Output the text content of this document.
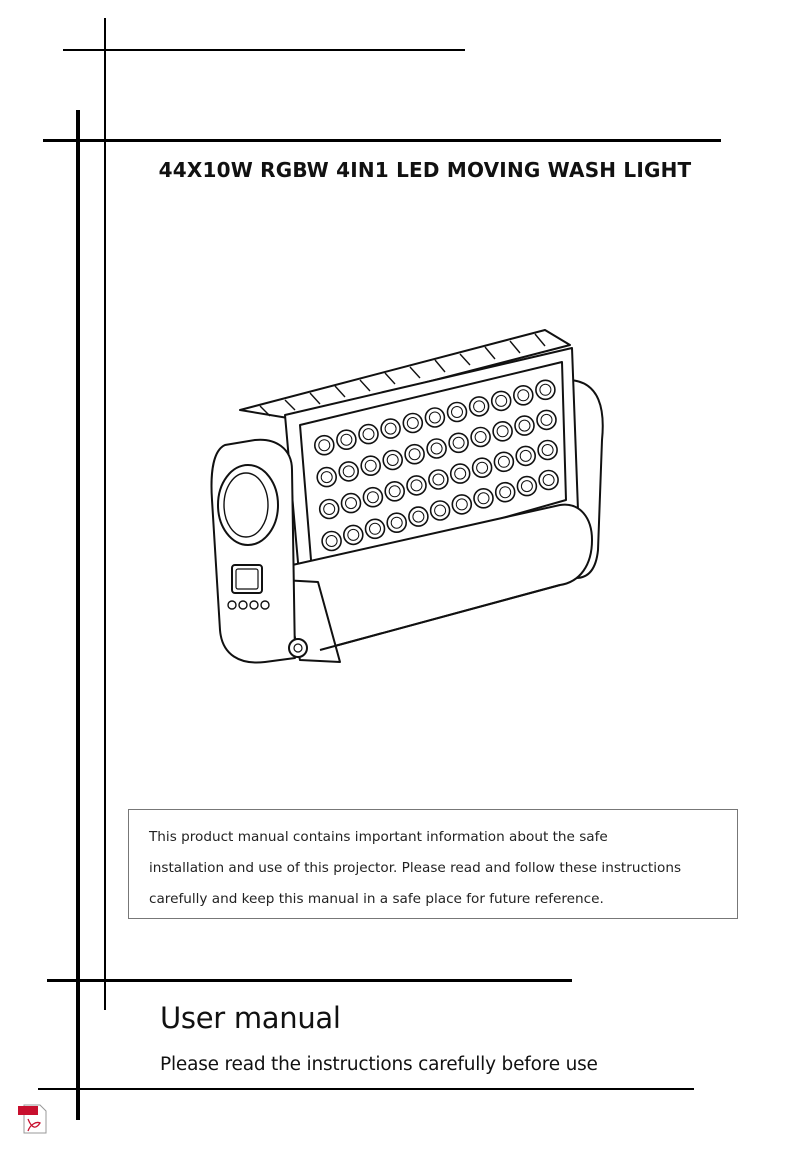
44X10W RGBW 4IN1 LED MOVING WASH LIGHT
This product manual contains important information about the safe
installation and use of this projector. Please read and follow these instructions
carefully and keep this manual in a safe place for future reference.
User manual
Please read the instructions carefully before use
